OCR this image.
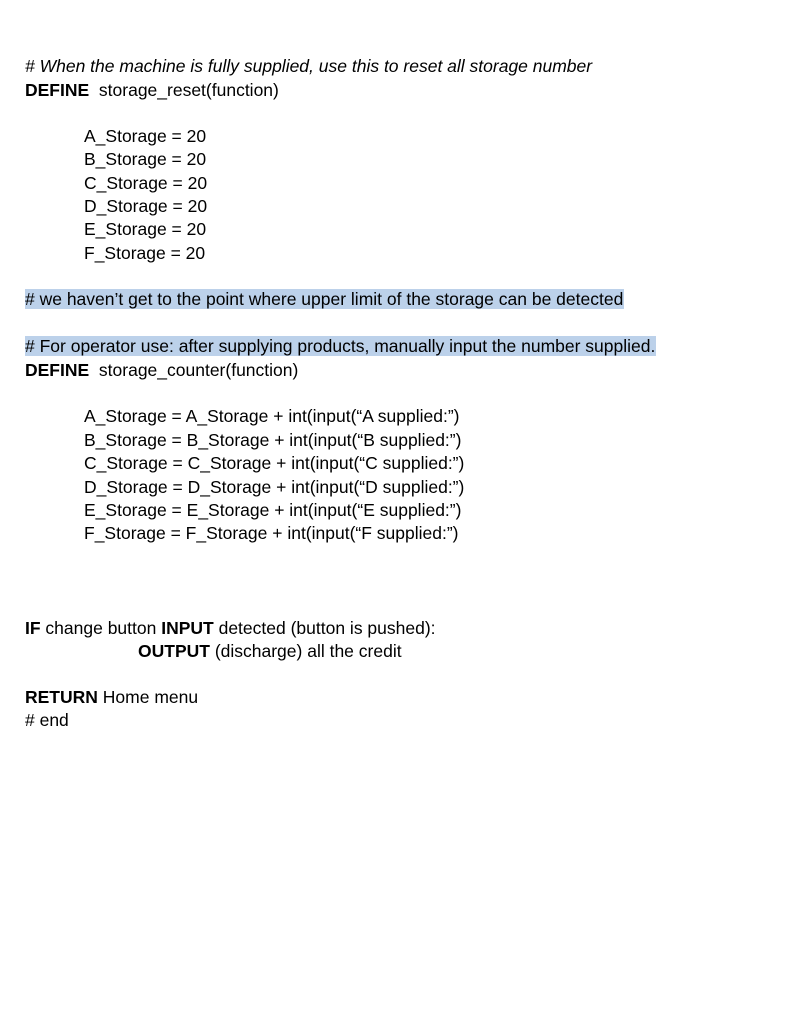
# When the machine is fully supplied, use this to reset all storage number
DEFINE  storage_reset(function)
A_Storage = 20
B_Storage = 20
C_Storage = 20
D_Storage = 20
E_Storage = 20
F_Storage = 20
# we haven’t get to the point where upper limit of the storage can be detected
# For operator use: after supplying products, manually input the number supplied.
DEFINE  storage_counter(function)
A_Storage = A_Storage + int(input(“A supplied:”)
B_Storage = B_Storage + int(input(“B supplied:”)
C_Storage = C_Storage + int(input(“C supplied:”)
D_Storage = D_Storage + int(input(“D supplied:”)
E_Storage = E_Storage + int(input(“E supplied:”)
F_Storage = F_Storage + int(input(“F supplied:”)
IF change button INPUT detected (button is pushed):
OUTPUT (discharge) all the credit
RETURN Home menu
# end
